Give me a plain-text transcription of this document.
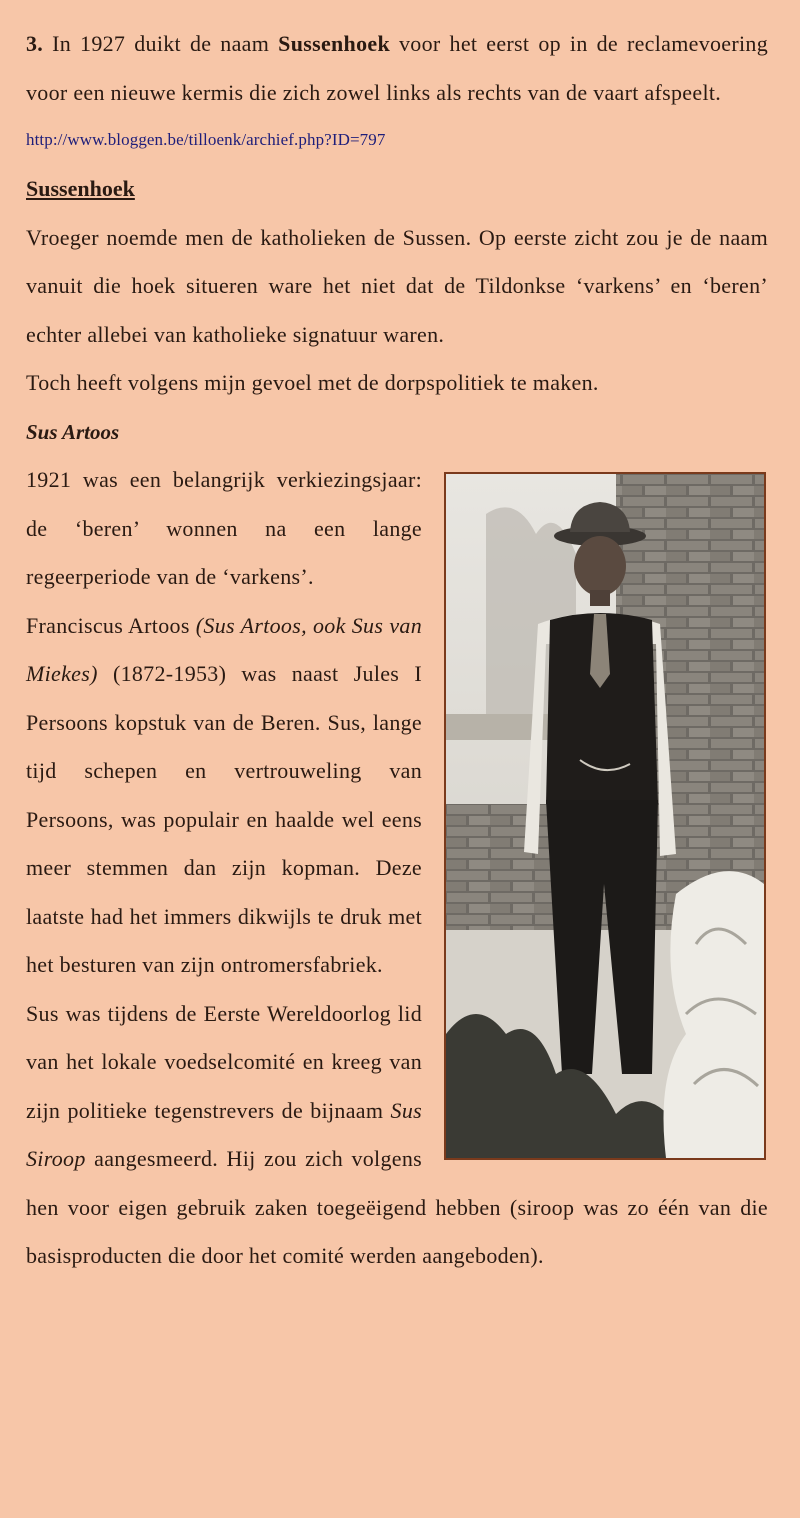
3. In 1927 duikt de naam Sussenhoek voor het eerst op in de reclamevoering voor een nieuwe kermis die zich zowel links als rechts van de vaart afspeelt.

http://www.bloggen.be/tilloenk/archief.php?ID=797

Sussenhoek

Vroeger noemde men de katholieken de Sussen. Op eerste zicht zou je de naam vanuit die hoek situeren ware het niet dat de Tildonkse ‘varkens’ en ‘beren’ echter allebei van katholieke signatuur waren.

Toch heeft volgens mijn gevoel met de dorpspolitiek te maken.

Sus Artoos

1921 was een belangrijk verkiezingsjaar: de ‘beren’ wonnen na een lange regeerperiode van de ‘varkens’.

Franciscus Artoos (Sus Artoos, ook Sus van Miekes) (1872-1953) was naast Jules I Persoons kopstuk van de Beren. Sus, lange tijd schepen en vertrouweling van Persoons, was populair en haalde wel eens meer stemmen dan zijn kopman. Deze laatste had het immers dikwijls te druk met het besturen van zijn ontromersfabriek.

Sus was tijdens de Eerste Wereldoorlog lid van het lokale voedselcomité en kreeg van zijn politieke tegenstrevers de bijnaam Sus Siroop aangesmeerd. Hij zou zich volgens hen voor eigen gebruik zaken toegeëigend hebben (siroop was zo één van die basisproducten die door het comité werden aangeboden).
